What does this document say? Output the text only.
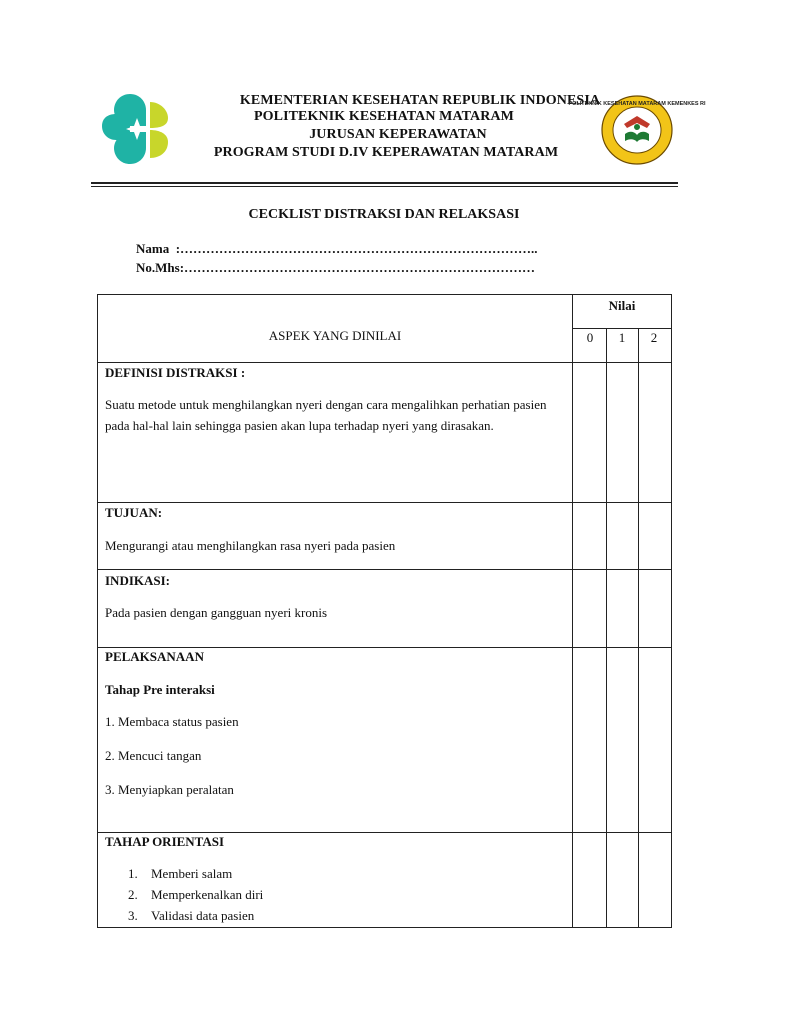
KEMENTERIAN KESEHATAN REPUBLIK INDONESIA
POLITEKNIK KESEHATAN MATARAM
JURUSAN KEPERAWATAN
PROGRAM STUDI D.IV KEPERAWATAN MATARAM
POLITEKNIK KESEHATAN MATARAM KEMENKES RI
CECKLIST DISTRAKSI DAN RELAKSASI
Nama  :………………………………………………………………………..
No.Mhs:………………………………………………………………………
ASPEK YANG DINILAI
Nilai
0	1	2
DEFINISI DISTRAKSI :
Suatu metode untuk menghilangkan nyeri dengan cara mengalihkan perhatian pasien pada hal-hal lain sehingga pasien akan lupa terhadap nyeri yang dirasakan.
TUJUAN:
Mengurangi atau menghilangkan rasa nyeri pada pasien
INDIKASI:
Pada pasien dengan gangguan nyeri kronis
PELAKSANAAN
Tahap Pre interaksi
1. Membaca status pasien
2. Mencuci tangan
3. Menyiapkan peralatan
TAHAP ORIENTASI
1. Memberi salam
2. Memperkenalkan diri
3. Validasi data pasien
